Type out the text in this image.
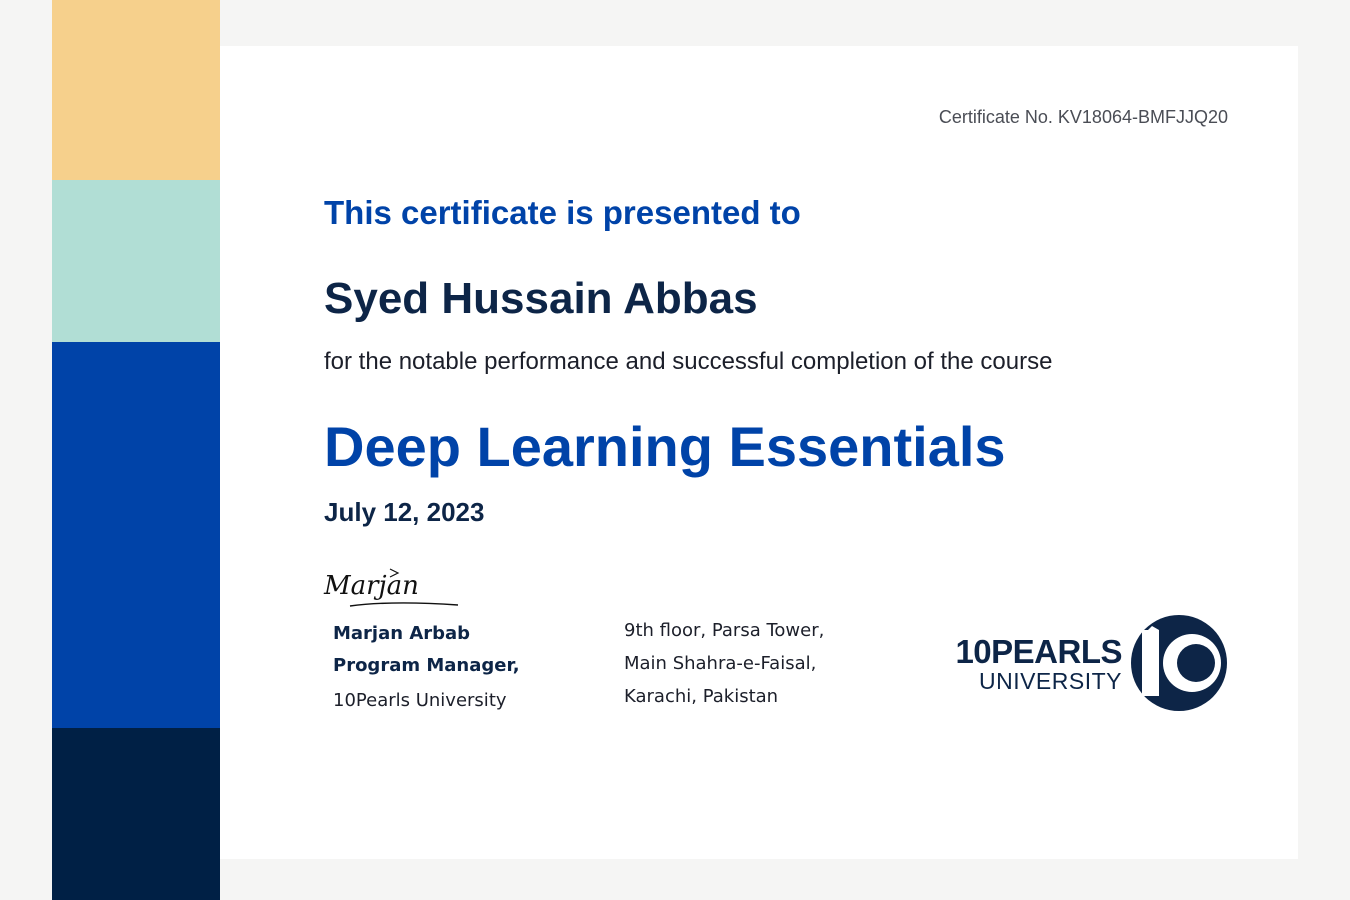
Certificate No. KV18064-BMFJJQ20
This certificate is presented to
Syed Hussain Abbas
for the notable performance and successful completion of the course
Deep Learning Essentials
July 12, 2023
Marjan
Marjan Arbab
Program Manager,
10Pearls University
9th floor, Parsa Tower,
Main Shahra-e-Faisal,
Karachi, Pakistan
10PEARLS
UNIVERSITY
